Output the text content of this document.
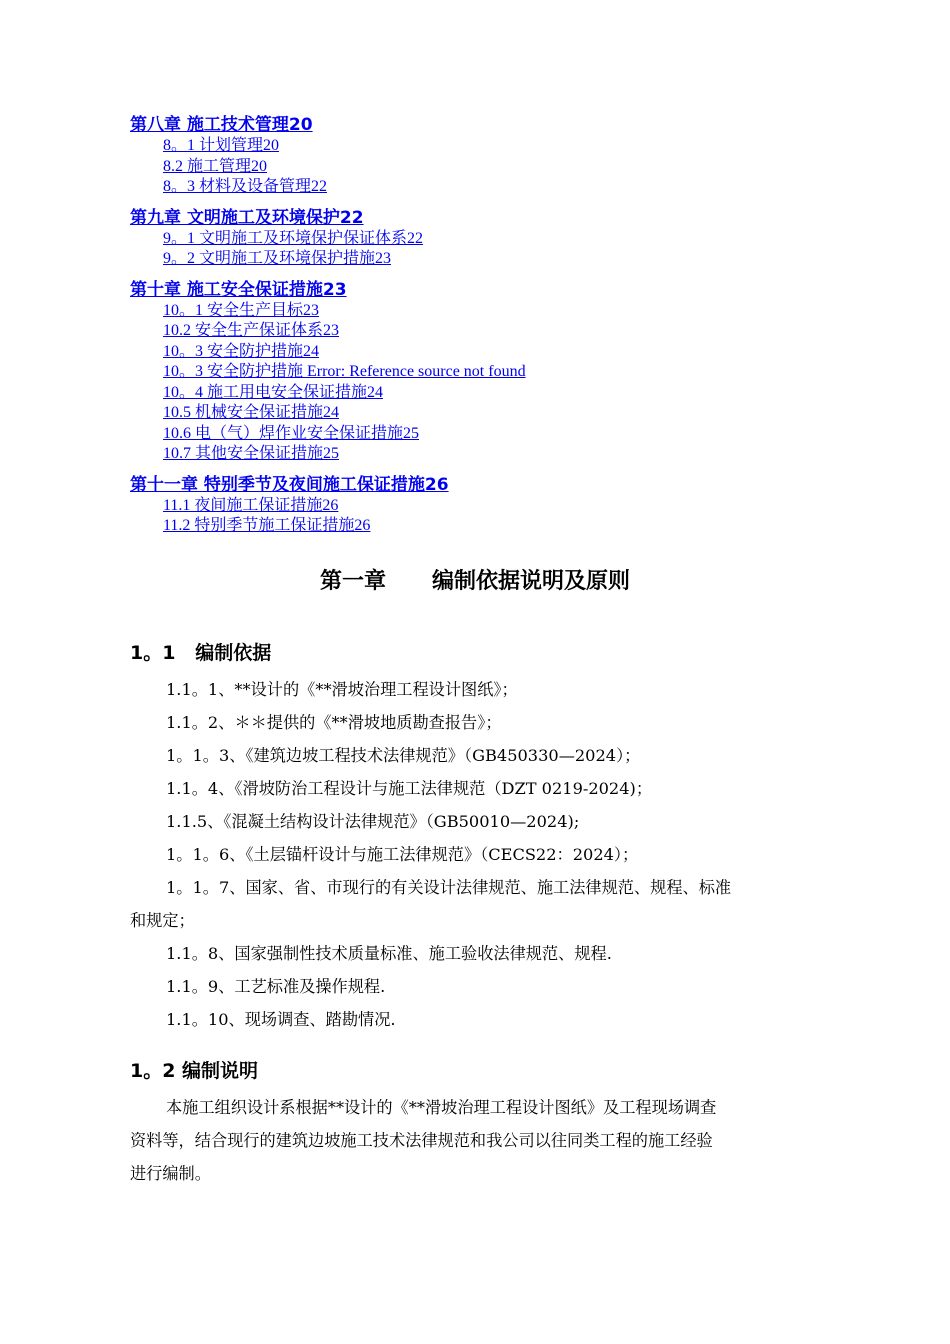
第八章 施工技术管理20
8。1 计划管理20
8.2 施工管理20
8。3 材料及设备管理22
第九章 文明施工及环境保护22
9。1 文明施工及环境保护保证体系22
9。2 文明施工及环境保护措施23
第十章 施工安全保证措施23
10。1 安全生产目标23
10.2 安全生产保证体系23
10。3 安全防护措施24
10。3 安全防护措施 Error: Reference source not found
10。4 施工用电安全保证措施24
10.5 机械安全保证措施24
10.6 电（气）焊作业安全保证措施25
10.7 其他安全保证措施25
第十一章 特别季节及夜间施工保证措施26
11.1 夜间施工保证措施26
11.2 特别季节施工保证措施26
第一章      编制依据说明及原则
1。1   编制依据

1.1。1、**设计的《**滑坡治理工程设计图纸》；

1.1。2、＊＊提供的《**滑坡地质勘查报告》；

1。1。3、《建筑边坡工程技术法律规范》（GB450330—2024）；

1.1。4、《滑坡防治工程设计与施工法律规范（DZT 0219-2024)；

1.1.5、《混凝土结构设计法律规范》（GB50010—2024);

1。1。6、《土层锚杆设计与施工法律规范》（CECS22：2024）；

1。1。7、国家、省、市现行的有关设计法律规范、施工法律规范、规程、标准

和规定；

1.1。8、国家强制性技术质量标准、施工验收法律规范、规程.

1.1。9、工艺标准及操作规程.

1.1。10、现场调查、踏勘情况.

1。2 编制说明

本施工组织设计系根据**设计的《**滑坡治理工程设计图纸》及工程现场调查

资料等，结合现行的建筑边坡施工技术法律规范和我公司以往同类工程的施工经验

进行编制。
